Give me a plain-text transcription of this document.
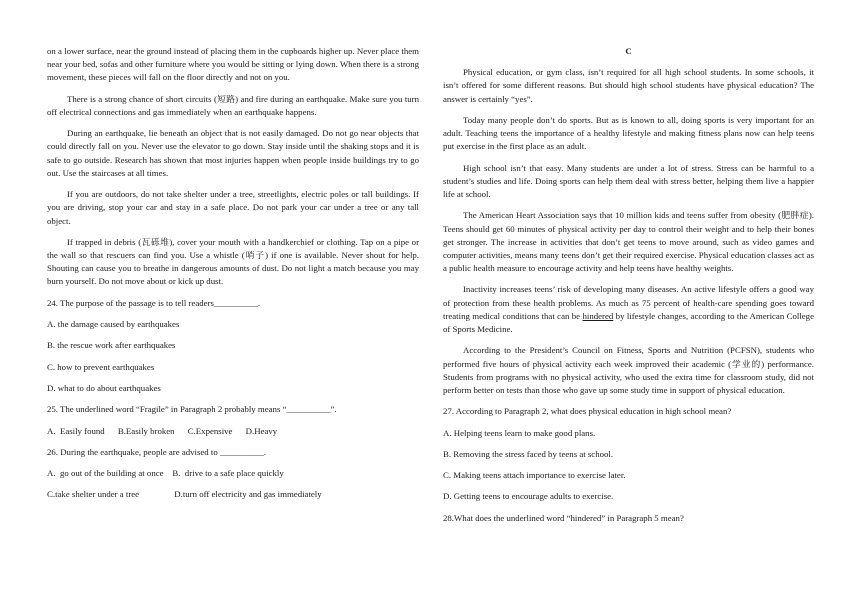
on a lower surface, near the ground instead of placing them in the cupboards higher up. Never place them near your bed, sofas and other furniture where you would be sitting or lying down. When there is a strong movement, these pieces will fall on the floor directly and not on you.

There is a strong chance of short circuits (短路) and fire during an earthquake. Make sure you turn off electrical connections and gas immediately when an earthquake happens.

During an earthquake, lie beneath an object that is not easily damaged. Do not go near objects that could directly fall on you. Never use the elevator to go down. Stay inside until the shaking stops and it is safe to go outside. Research has shown that most injuries happen when people inside buildings try to go out. Use the staircases at all times.

If you are outdoors, do not take shelter under a tree, streetlights, electric poles or tall buildings. If you are driving, stop your car and stay in a safe place. Do not park your car under a tree or any tall object.

If trapped in debris (瓦砾堆), cover your mouth with a handkerchief or clothing. Tap on a pipe or the wall so that rescuers can find you. Use a whistle (哨子) if one is available. Never shout for help. Shouting can cause you to breathe in dangerous amounts of dust. Do not light a match because you may burn yourself. Do not move about or kick up dust.

24. The purpose of the passage is to tell readers__________.

A. the damage caused by earthquakes

B. the rescue work after earthquakes

C. how to prevent earthquakes

D. what to do about earthquakes

25. The underlined word “Fragile” in Paragraph 2 probably means “__________”.

A.  Easily found      B.Easily broken      C.Expensive      D.Heavy

26. During the earthquake, people are advised to __________.

A.  go out of the building at once    B.  drive to a safe place quickly

C.take shelter under a tree                D.turn off electricity and gas immediately

C

Physical education, or gym class, isn’t required for all high school students. In some schools, it isn’t offered for some different reasons. But should high school students have physical education? The answer is certainly “yes”.

Today many people don’t do sports. But as is known to all, doing sports is very important for an adult. Teaching teens the importance of a healthy lifestyle and making fitness plans now can help teens put exercise in the first place as an adult.

High school isn’t that easy. Many students are under a lot of stress. Stress can be harmful to a student’s studies and life. Doing sports can help them deal with stress better, helping them live a happier life at school.

The American Heart Association says that 10 million kids and teens suffer from obesity (肥胖症). Teens should get 60 minutes of physical activity per day to control their weight and to help their bones get stronger. The increase in activities that don’t get teens to move around, such as video games and computer activities, means many teens don’t get their required exercise. Physical education classes act as a public health measure to encourage activity and help teens have healthy weights.

Inactivity increases teens’ risk of developing many diseases. An active lifestyle offers a good way of protection from these health problems. As much as 75 percent of health-care spending goes toward treating medical conditions that can be hindered by lifestyle changes, according to the American College of Sports Medicine.

According to the President’s Council on Fitness, Sports and Nutrition (PCFSN), students who performed five hours of physical activity each week improved their academic (学业的) performance. Students from programs with no physical activity, who used the extra time for classroom study, did not perform better on tests than those who gave up some study time in support of physical education.

27. According to Paragraph 2, what does physical education in high school mean?

A. Helping teens learn to make good plans.

B. Removing the stress faced by teens at school.

C. Making teens attach importance to exercise later.

D. Getting teens to encourage adults to exercise.

28.What does the underlined word “hindered” in Paragraph 5 mean?
